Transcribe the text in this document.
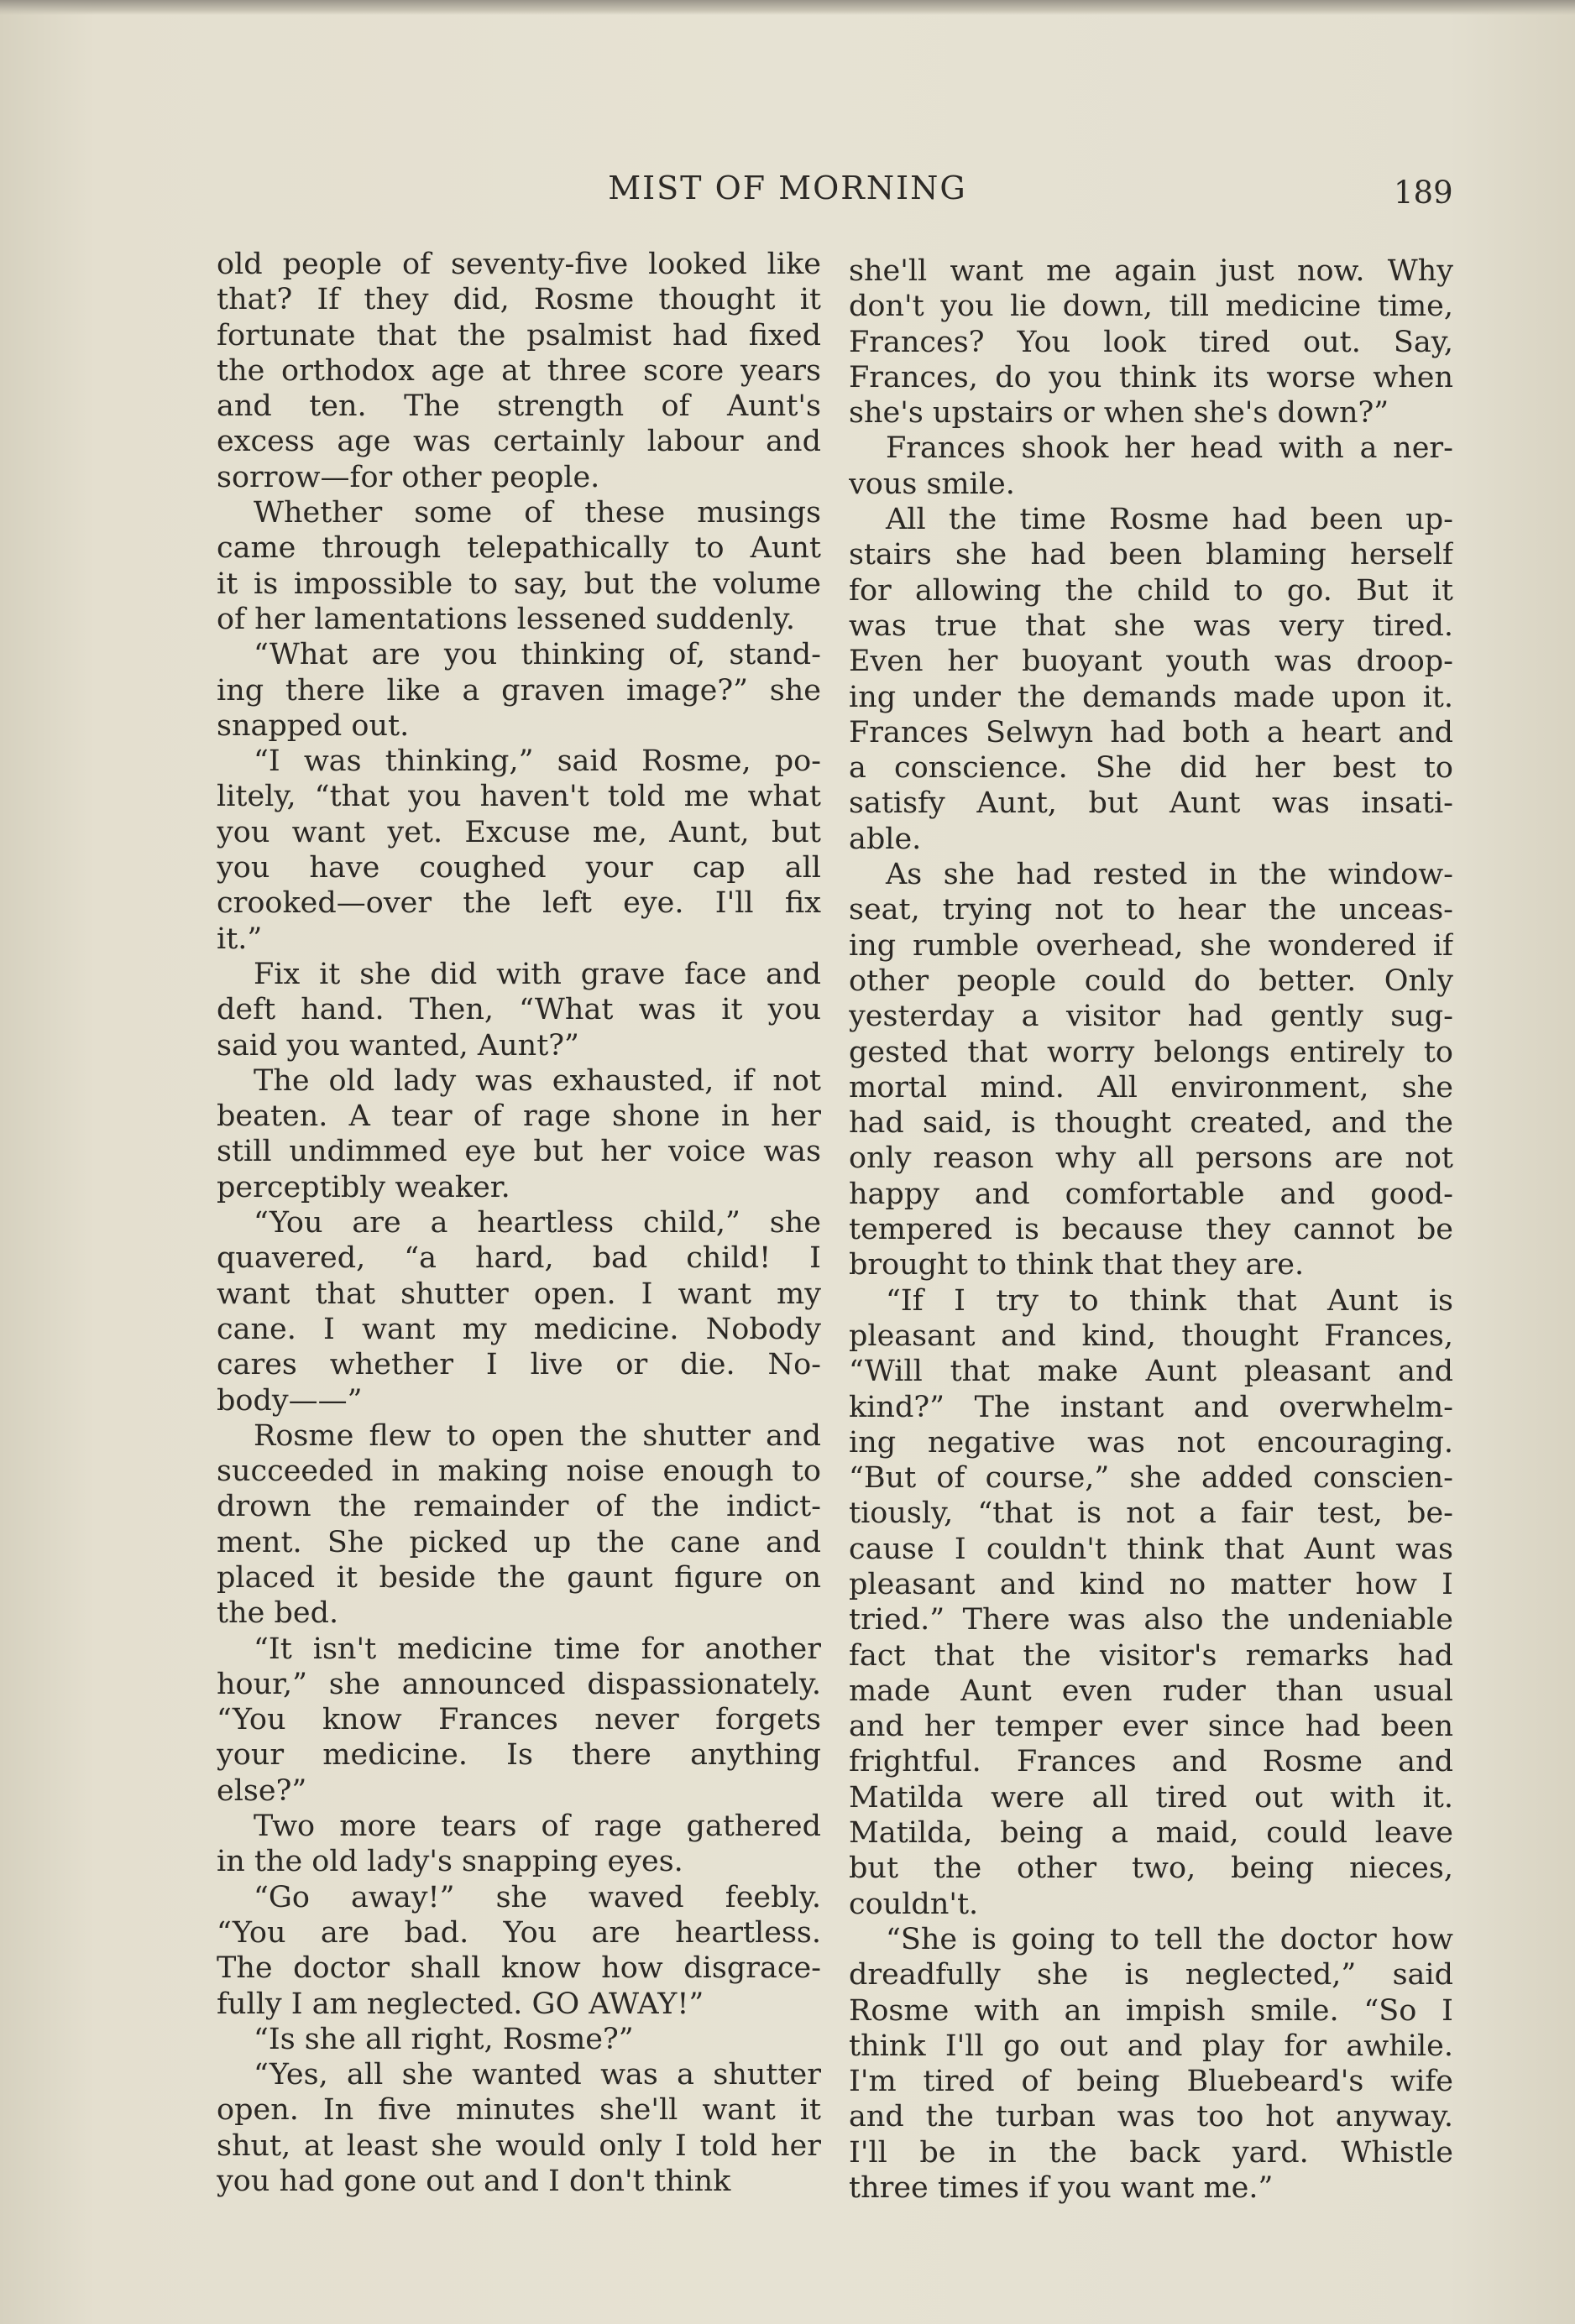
MIST OF MORNING	189
old people of seventy-five looked like
that? If they did, Rosme thought it
fortunate that the psalmist had fixed
the orthodox age at three score years
and ten. The strength of Aunt's
excess age was certainly labour and
sorrow—for other people.
Whether some of these musings
came through telepathically to Aunt
it is impossible to say, but the volume
of her lamentations lessened suddenly.
“What are you thinking of, stand-
ing there like a graven image?” she
snapped out.
“I was thinking,” said Rosme, po-
litely, “that you haven't told me what
you want yet. Excuse me, Aunt, but
you have coughed your cap all
crooked—over the left eye. I'll fix
it.”
Fix it she did with grave face and
deft hand. Then, “What was it you
said you wanted, Aunt?”
The old lady was exhausted, if not
beaten. A tear of rage shone in her
still undimmed eye but her voice was
perceptibly weaker.
“You are a heartless child,” she
quavered, “a hard, bad child! I
want that shutter open. I want my
cane. I want my medicine. Nobody
cares whether I live or die. No-
body——”
Rosme flew to open the shutter and
succeeded in making noise enough to
drown the remainder of the indict-
ment. She picked up the cane and
placed it beside the gaunt figure on
the bed.
“It isn't medicine time for another
hour,” she announced dispassionately.
“You know Frances never forgets
your medicine. Is there anything
else?”
Two more tears of rage gathered
in the old lady's snapping eyes.
“Go away!” she waved feebly.
“You are bad. You are heartless.
The doctor shall know how disgrace-
fully I am neglected. GO AWAY!”
“Is she all right, Rosme?”
“Yes, all she wanted was a shutter
open. In five minutes she'll want it
shut, at least she would only I told her
you had gone out and I don't think
she'll want me again just now. Why
don't you lie down, till medicine time,
Frances? You look tired out. Say,
Frances, do you think its worse when
she's upstairs or when she's down?”
Frances shook her head with a ner-
vous smile.
All the time Rosme had been up-
stairs she had been blaming herself
for allowing the child to go. But it
was true that she was very tired.
Even her buoyant youth was droop-
ing under the demands made upon it.
Frances Selwyn had both a heart and
a conscience. She did her best to
satisfy Aunt, but Aunt was insati-
able.
As she had rested in the window-
seat, trying not to hear the unceas-
ing rumble overhead, she wondered if
other people could do better. Only
yesterday a visitor had gently sug-
gested that worry belongs entirely to
mortal mind. All environment, she
had said, is thought created, and the
only reason why all persons are not
happy and comfortable and good-
tempered is because they cannot be
brought to think that they are.
“If I try to think that Aunt is
pleasant and kind, thought Frances,
“Will that make Aunt pleasant and
kind?” The instant and overwhelm-
ing negative was not encouraging.
“But of course,” she added conscien-
tiously, “that is not a fair test, be-
cause I couldn't think that Aunt was
pleasant and kind no matter how I
tried.” There was also the undeniable
fact that the visitor's remarks had
made Aunt even ruder than usual
and her temper ever since had been
frightful. Frances and Rosme and
Matilda were all tired out with it.
Matilda, being a maid, could leave
but the other two, being nieces,
couldn't.
“She is going to tell the doctor how
dreadfully she is neglected,” said
Rosme with an impish smile. “So I
think I'll go out and play for awhile.
I'm tired of being Bluebeard's wife
and the turban was too hot anyway.
I'll be in the back yard. Whistle
three times if you want me.”
